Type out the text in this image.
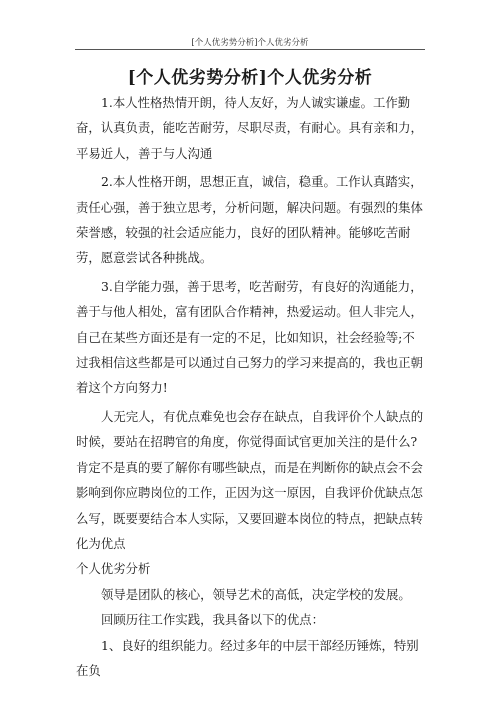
[个人优劣势分析]个人优劣分析
[个人优劣势分析]个人优劣分析

1.本人性格热情开朗，待人友好，为人诚实谦虚。工作勤奋，认真负责，能吃苦耐劳，尽职尽责，有耐心。具有亲和力，平易近人，善于与人沟通

2.本人性格开朗，思想正直，诚信，稳重。工作认真踏实，责任心强，善于独立思考，分析问题，解决问题。有强烈的集体荣誉感，较强的社会适应能力，良好的团队精神。能够吃苦耐劳，愿意尝试各种挑战。

3.自学能力强，善于思考，吃苦耐劳，有良好的沟通能力，善于与他人相处，富有团队合作精神，热爱运动。但人非完人，自己在某些方面还是有一定的不足，比如知识，社会经验等;不过我相信这些都是可以通过自己努力的学习来提高的，我也正朝着这个方向努力!

人无完人，有优点难免也会存在缺点，自我评价个人缺点的时候，要站在招聘官的角度，你觉得面试官更加关注的是什么?肯定不是真的要了解你有哪些缺点，而是在判断你的缺点会不会影响到你应聘岗位的工作，正因为这一原因，自我评价优缺点怎么写，既要要结合本人实际，又要回避本岗位的特点，把缺点转化为优点

个人优劣分析

领导是团队的核心，领导艺术的高低，决定学校的发展。

回顾历往工作实践，我具备以下的优点：

1、良好的组织能力。经过多年的中层干部经历锤炼，特别在负
